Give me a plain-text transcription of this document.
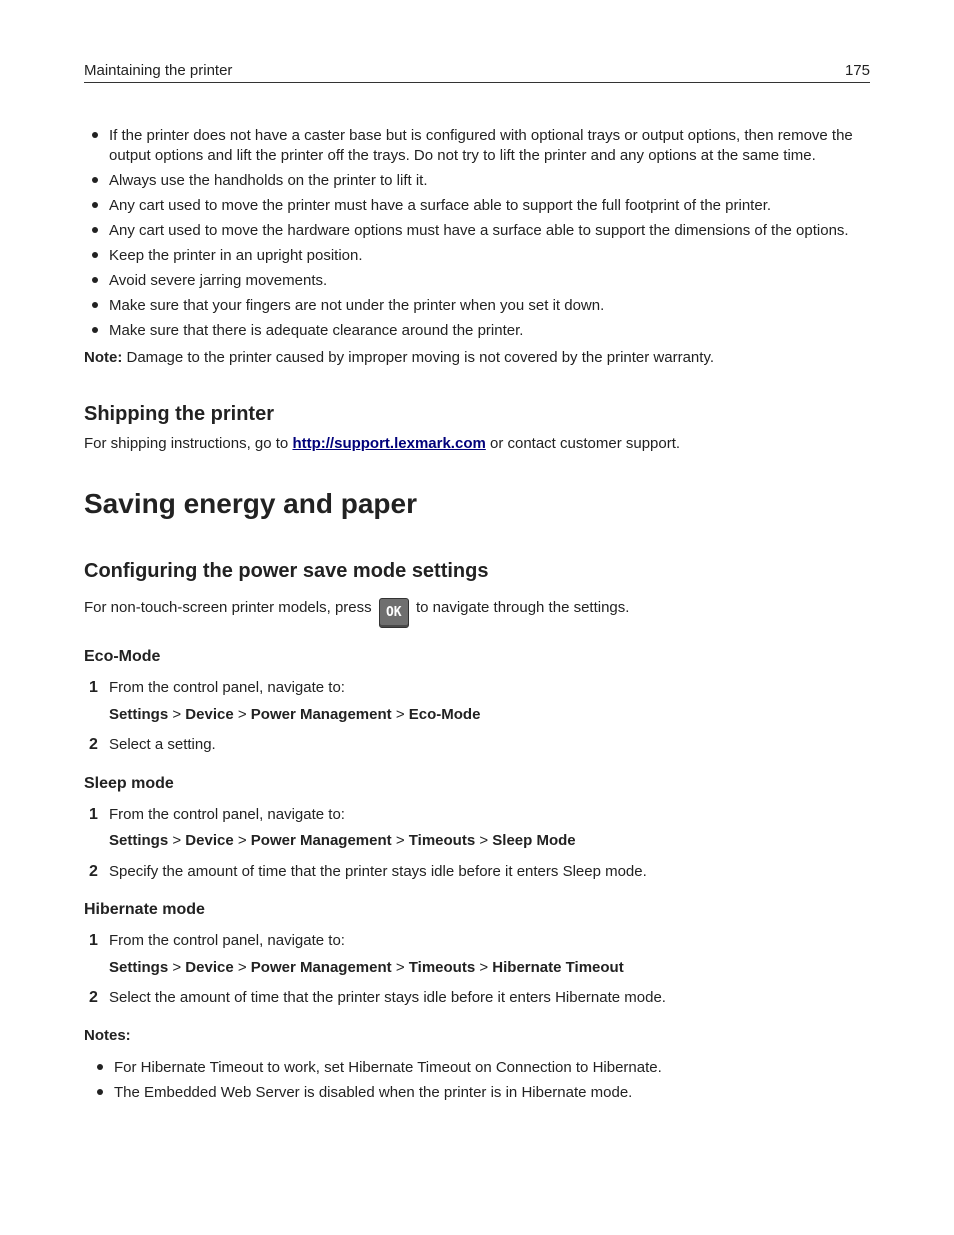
Maintaining the printer	175
If the printer does not have a caster base but is configured with optional trays or output options, then remove the output options and lift the printer off the trays. Do not try to lift the printer and any options at the same time.
Always use the handholds on the printer to lift it.
Any cart used to move the printer must have a surface able to support the full footprint of the printer.
Any cart used to move the hardware options must have a surface able to support the dimensions of the options.
Keep the printer in an upright position.
Avoid severe jarring movements.
Make sure that your fingers are not under the printer when you set it down.
Make sure that there is adequate clearance around the printer.
Note: Damage to the printer caused by improper moving is not covered by the printer warranty.
Shipping the printer
For shipping instructions, go to http://support.lexmark.com or contact customer support.
Saving energy and paper
Configuring the power save mode settings
For non-touch-screen printer models, press OK to navigate through the settings.
Eco-Mode
1 From the control panel, navigate to:
Settings > Device > Power Management > Eco-Mode
2 Select a setting.
Sleep mode
1 From the control panel, navigate to:
Settings > Device > Power Management > Timeouts > Sleep Mode
2 Specify the amount of time that the printer stays idle before it enters Sleep mode.
Hibernate mode
1 From the control panel, navigate to:
Settings > Device > Power Management > Timeouts > Hibernate Timeout
2 Select the amount of time that the printer stays idle before it enters Hibernate mode.
Notes:
For Hibernate Timeout to work, set Hibernate Timeout on Connection to Hibernate.
The Embedded Web Server is disabled when the printer is in Hibernate mode.
